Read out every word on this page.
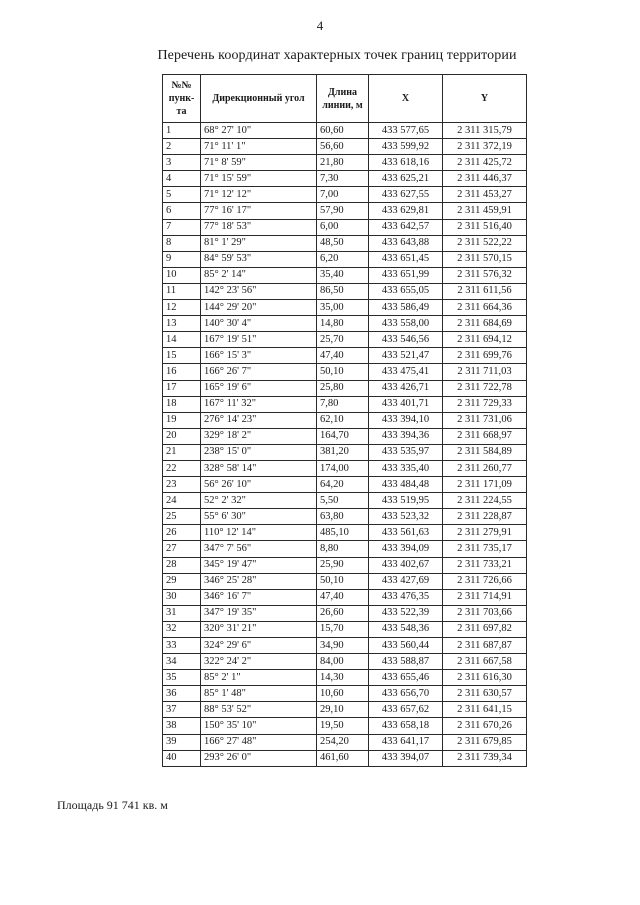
4
Перечень координат характерных точек границ территории
№№ пунк-та	Дирекционный угол	Длина линии, м	X	Y
1	68° 27' 10"	60,60	433 577,65	2 311 315,79
2	71° 11' 1"	56,60	433 599,92	2 311 372,19
3	71° 8' 59"	21,80	433 618,16	2 311 425,72
4	71° 15' 59"	7,30	433 625,21	2 311 446,37
5	71° 12' 12"	7,00	433 627,55	2 311 453,27
6	77° 16' 17"	57,90	433 629,81	2 311 459,91
7	77° 18' 53"	6,00	433 642,57	2 311 516,40
8	81° 1' 29"	48,50	433 643,88	2 311 522,22
9	84° 59' 53"	6,20	433 651,45	2 311 570,15
10	85° 2' 14"	35,40	433 651,99	2 311 576,32
11	142° 23' 56"	86,50	433 655,05	2 311 611,56
12	144° 29' 20"	35,00	433 586,49	2 311 664,36
13	140° 30' 4"	14,80	433 558,00	2 311 684,69
14	167° 19' 51"	25,70	433 546,56	2 311 694,12
15	166° 15' 3"	47,40	433 521,47	2 311 699,76
16	166° 26' 7"	50,10	433 475,41	2 311 711,03
17	165° 19' 6"	25,80	433 426,71	2 311 722,78
18	167° 11' 32"	7,80	433 401,71	2 311 729,33
19	276° 14' 23"	62,10	433 394,10	2 311 731,06
20	329° 18' 2"	164,70	433 394,36	2 311 668,97
21	238° 15' 0"	381,20	433 535,97	2 311 584,89
22	328° 58' 14"	174,00	433 335,40	2 311 260,77
23	56° 26' 10"	64,20	433 484,48	2 311 171,09
24	52° 2' 32"	5,50	433 519,95	2 311 224,55
25	55° 6' 30"	63,80	433 523,32	2 311 228,87
26	110° 12' 14"	485,10	433 561,63	2 311 279,91
27	347° 7' 56"	8,80	433 394,09	2 311 735,17
28	345° 19' 47"	25,90	433 402,67	2 311 733,21
29	346° 25' 28"	50,10	433 427,69	2 311 726,66
30	346° 16' 7"	47,40	433 476,35	2 311 714,91
31	347° 19' 35"	26,60	433 522,39	2 311 703,66
32	320° 31' 21"	15,70	433 548,36	2 311 697,82
33	324° 29' 6"	34,90	433 560,44	2 311 687,87
34	322° 24' 2"	84,00	433 588,87	2 311 667,58
35	85° 2' 1"	14,30	433 655,46	2 311 616,30
36	85° 1' 48"	10,60	433 656,70	2 311 630,57
37	88° 53' 52"	29,10	433 657,62	2 311 641,15
38	150° 35' 10"	19,50	433 658,18	2 311 670,26
39	166° 27' 48"	254,20	433 641,17	2 311 679,85
40	293° 26' 0"	461,60	433 394,07	2 311 739,34
Площадь 91 741 кв. м
